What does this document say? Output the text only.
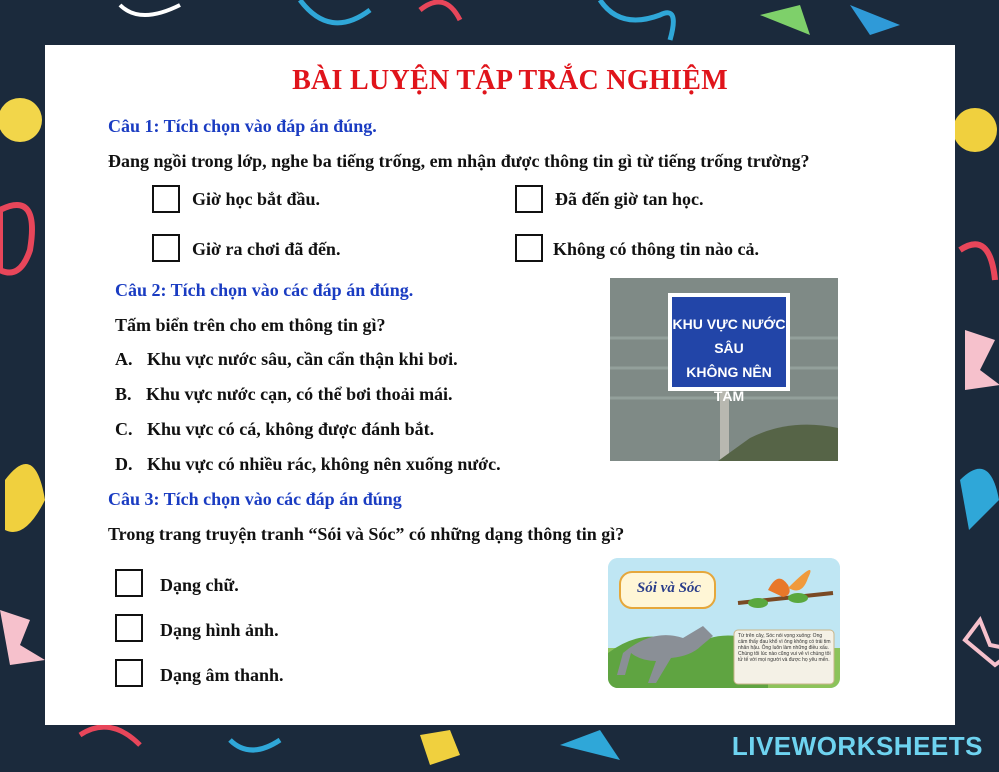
BÀI LUYỆN TẬP TRẮC NGHIỆM
Câu 1: Tích chọn vào đáp án đúng.
Đang ngồi trong lớp, nghe ba tiếng trống, em nhận được thông tin gì từ tiếng trống trường?
Giờ học bắt đầu.	Đã đến giờ tan học.
Giờ ra chơi đã đến.	Không có thông tin nào cả.
Câu 2: Tích chọn vào các đáp án đúng.
Tấm biển trên cho em thông tin gì?
A. Khu vực nước sâu, cần cẩn thận khi bơi.
B. Khu vực nước cạn, có thể bơi thoải mái.
C. Khu vực có cá, không được đánh bắt.
D. Khu vực có nhiều rác, không nên xuống nước.
KHU VỰC NƯỚC SÂU
KHÔNG NÊN TẮM
Câu 3: Tích chọn vào các đáp án đúng
Trong trang truyện tranh “Sói và Sóc” có những dạng thông tin gì?
Dạng chữ.
Dạng hình ảnh.
Dạng âm thanh.
Sói và Sóc
Từ trên cây, Sóc nói vọng xuống: Ông cảm thấy đau khổ vì ông không có trái tim nhân hậu. Ông luôn làm những điều xấu. Chúng tôi lúc nào cũng vui vẻ vì chúng tôi tử tế với mọi người và được họ yêu mến.
LIVEWORKSHEETS
